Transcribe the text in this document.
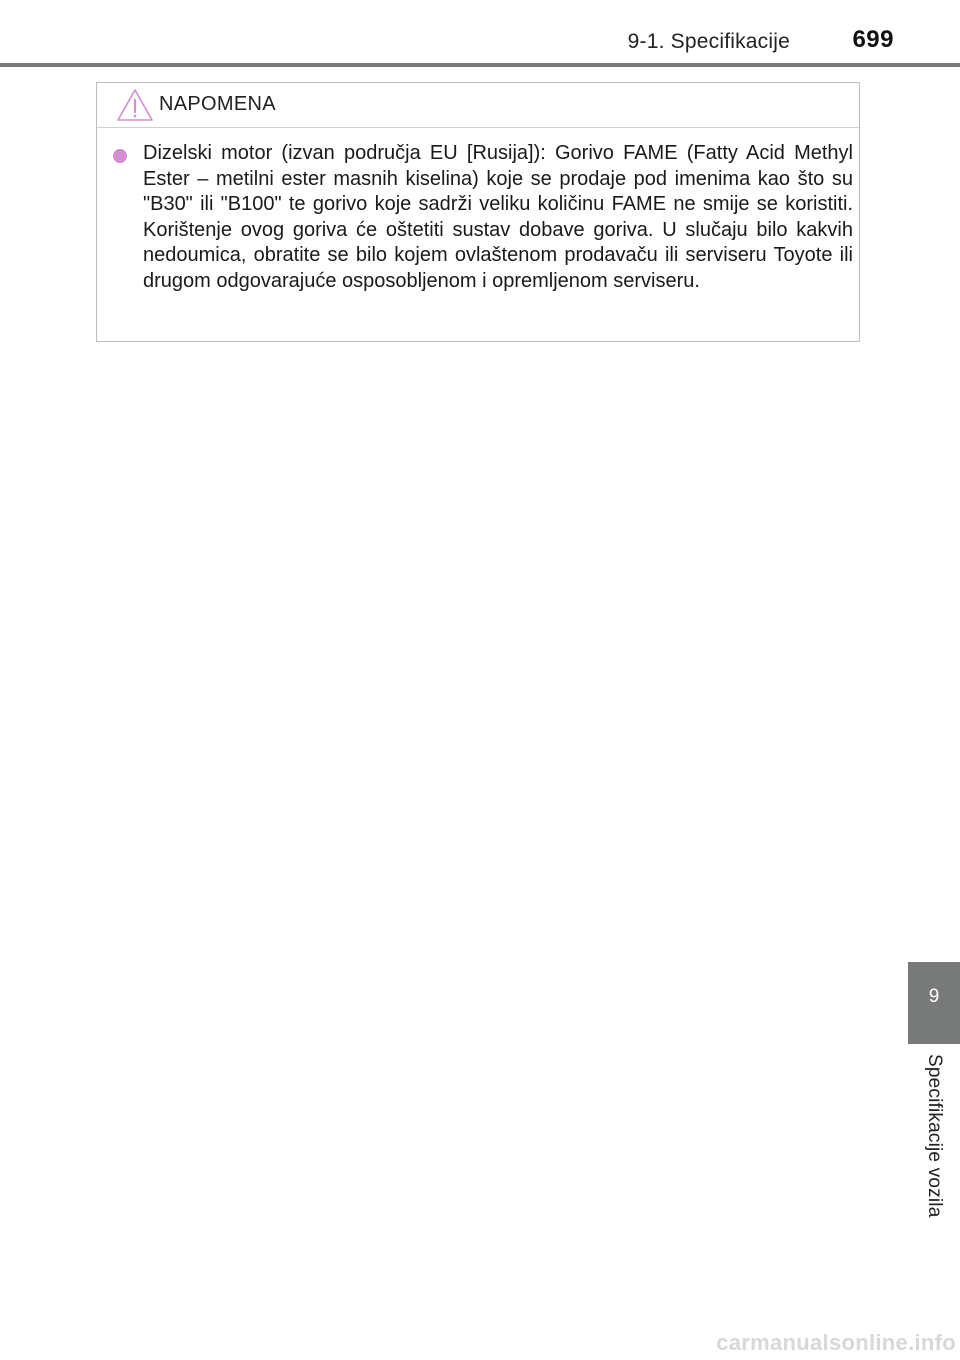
9-1. Specifikacije	699
NAPOMENA

Dizelski motor (izvan područja EU [Rusija]): Gorivo FAME (Fatty Acid Methyl Ester – metilni ester masnih kiselina) koje se prodaje pod imenima kao što su "B30" ili "B100" te gorivo koje sadrži veliku količinu FAME ne smije se koristiti. Korištenje ovog goriva će oštetiti sustav dobave goriva. U slučaju bilo kakvih nedoumica, obratite se bilo kojem ovlaštenom prodavaču ili serviseru Toyote ili drugom odgovarajuće osposobljenom i opremljenom serviseru.

9
Specifikacije vozila
carmanualsonline.info
